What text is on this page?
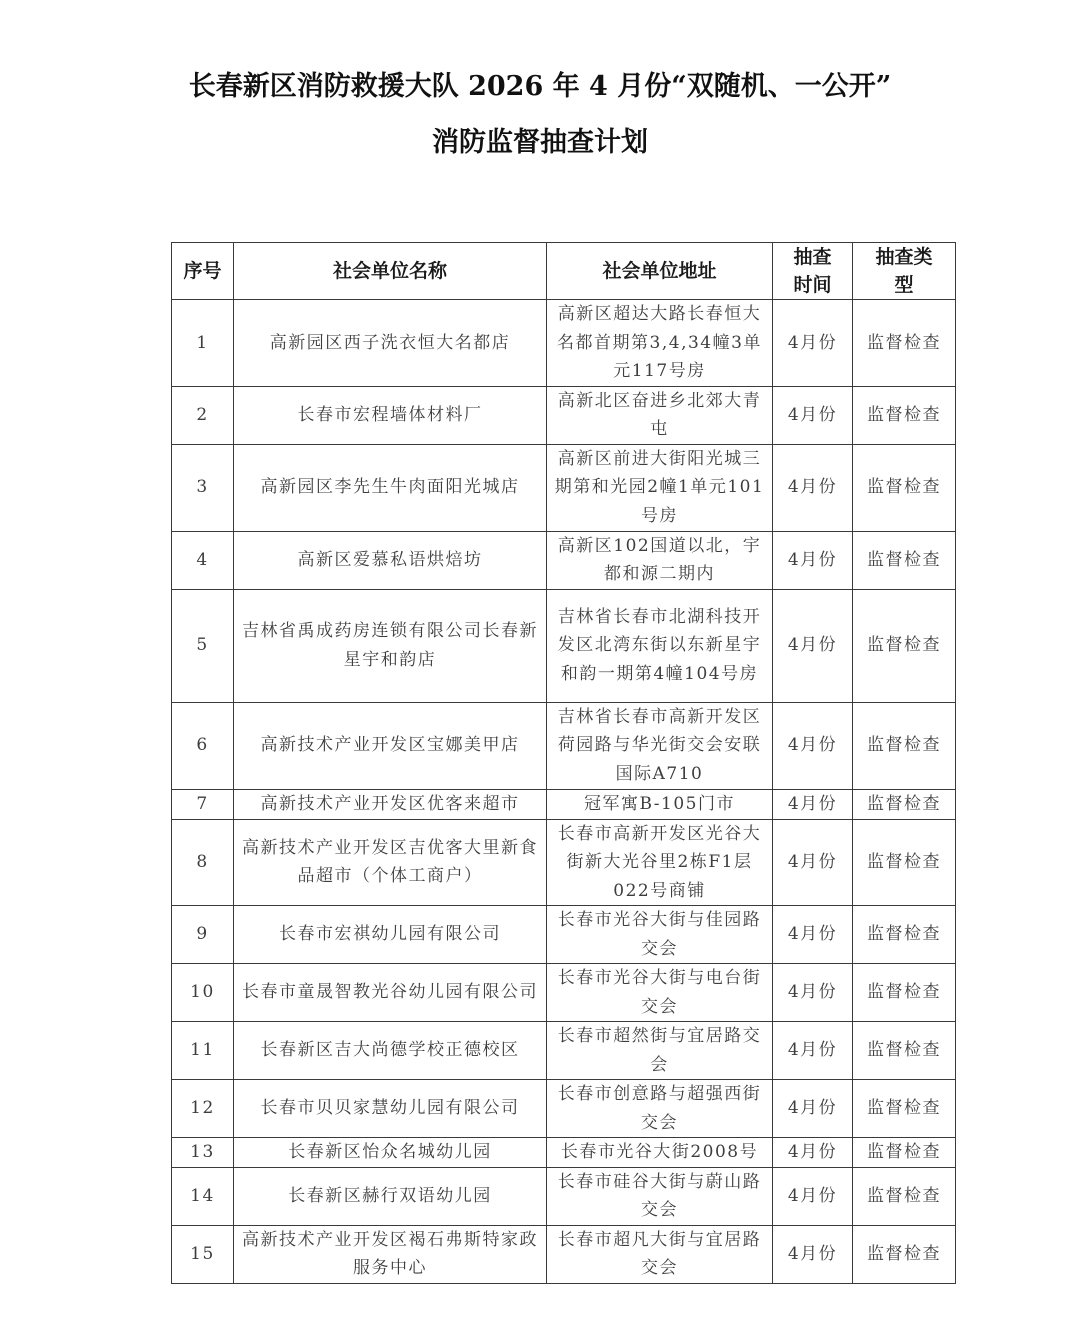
长春新区消防救援大队 2026 年 4 月份“双随机、一公开”
消防监督抽查计划
序号	社会单位名称	社会单位地址	抽查时间	抽查类型
1	高新园区西子洗衣恒大名都店	高新区超达大路长春恒大名都首期第3,4,34幢3单元117号房	4月份	监督检查
2	长春市宏程墙体材料厂	高新北区奋进乡北郊大青屯	4月份	监督检查
3	高新园区李先生牛肉面阳光城店	高新区前进大街阳光城三期第和光园2幢1单元101号房	4月份	监督检查
4	高新区爱慕私语烘焙坊	高新区102国道以北，宇都和源二期内	4月份	监督检查
5	吉林省禹成药房连锁有限公司长春新星宇和韵店	吉林省长春市北湖科技开发区北湾东街以东新星宇和韵一期第4幢104号房	4月份	监督检查
6	高新技术产业开发区宝娜美甲店	吉林省长春市高新开发区荷园路与华光街交会安联国际A710	4月份	监督检查
7	高新技术产业开发区优客来超市	冠军寓B-105门市	4月份	监督检查
8	高新技术产业开发区吉优客大里新食品超市（个体工商户）	长春市高新开发区光谷大街新大光谷里2栋F1层022号商铺	4月份	监督检查
9	长春市宏祺幼儿园有限公司	长春市光谷大街与佳园路交会	4月份	监督检查
10	长春市童晟智教光谷幼儿园有限公司	长春市光谷大街与电台街交会	4月份	监督检查
11	长春新区吉大尚德学校正德校区	长春市超然街与宜居路交会	4月份	监督检查
12	长春市贝贝家慧幼儿园有限公司	长春市创意路与超强西街交会	4月份	监督检查
13	长春新区怡众名城幼儿园	长春市光谷大街2008号	4月份	监督检查
14	长春新区赫行双语幼儿园	长春市硅谷大街与蔚山路交会	4月份	监督检查
15	高新技术产业开发区褐石弗斯特家政服务中心	长春市超凡大街与宜居路交会	4月份	监督检查
